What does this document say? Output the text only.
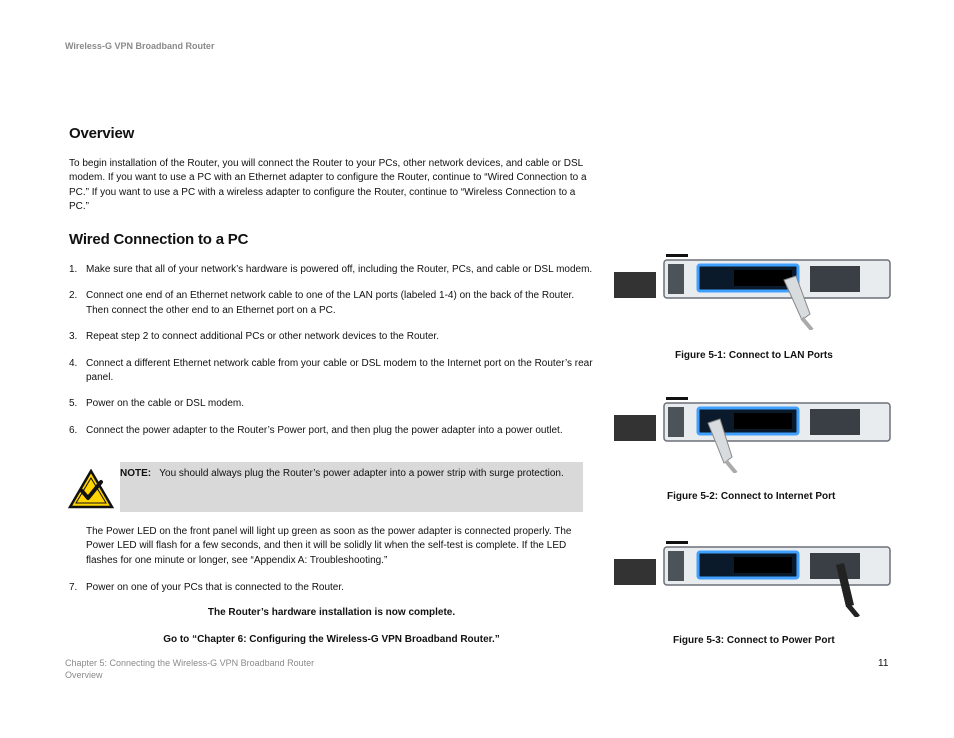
Wireless-G VPN Broadband Router
Overview
To begin installation of the Router, you will connect the Router to your PCs, other network devices, and cable or DSL modem. If you want to use a PC with an Ethernet adapter to configure the Router, continue to “Wired Connection to a PC.” If you want to use a PC with a wireless adapter to configure the Router, continue to “Wireless Connection to a PC.”
Wired Connection to a PC
1. Make sure that all of your network’s hardware is powered off, including the Router, PCs, and cable or DSL modem.
2. Connect one end of an Ethernet network cable to one of the LAN ports (labeled 1-4) on the back of the Router. Then connect the other end to an Ethernet port on a PC.
3. Repeat step 2 to connect additional PCs or other network devices to the Router.
4. Connect a different Ethernet network cable from your cable or DSL modem to the Internet port on the Router’s rear panel.
5. Power on the cable or DSL modem.
6. Connect the power adapter to the Router’s Power port, and then plug the power adapter into a power outlet.
NOTE: You should always plug the Router’s power adapter into a power strip with surge protection.
The Power LED on the front panel will light up green as soon as the power adapter is connected properly. The Power LED will flash for a few seconds, and then it will be solidly lit when the self-test is complete. If the LED flashes for one minute or longer, see “Appendix A: Troubleshooting.”
7. Power on one of your PCs that is connected to the Router.
The Router’s hardware installation is now complete.
Go to “Chapter 6: Configuring the Wireless-G VPN Broadband Router.”
Figure 5-1: Connect to LAN Ports
Figure 5-2: Connect to Internet Port
Figure 5-3: Connect to Power Port
Chapter 5: Connecting the Wireless-G VPN Broadband Router
Overview
11
